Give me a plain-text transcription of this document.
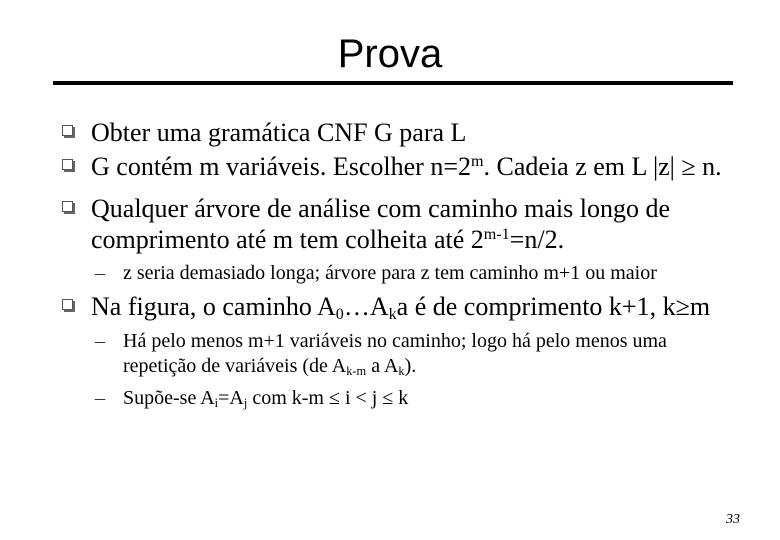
Prova
Obter uma gramática CNF G para L
G contém m variáveis. Escolher $n=2^m$. Cadeia z em L |z| ≥ n.
Qualquer árvore de análise com caminho mais longo de
comprimento até m tem colheita até $2^{m-1}=n/2$.
– z seria demasiado longa; árvore para z tem caminho m+1 ou maior
Na figura, o caminho $A_0\dots A_ka$ é de comprimento k+1, k≥m
– Há pelo menos m+1 variáveis no caminho; logo há pelo menos uma
repetição de variáveis (de $A_{k-m}$ a $A_k$).
– Supõe-se $A_i=A_j$ com k-m ≤ i < j ≤ k
33
